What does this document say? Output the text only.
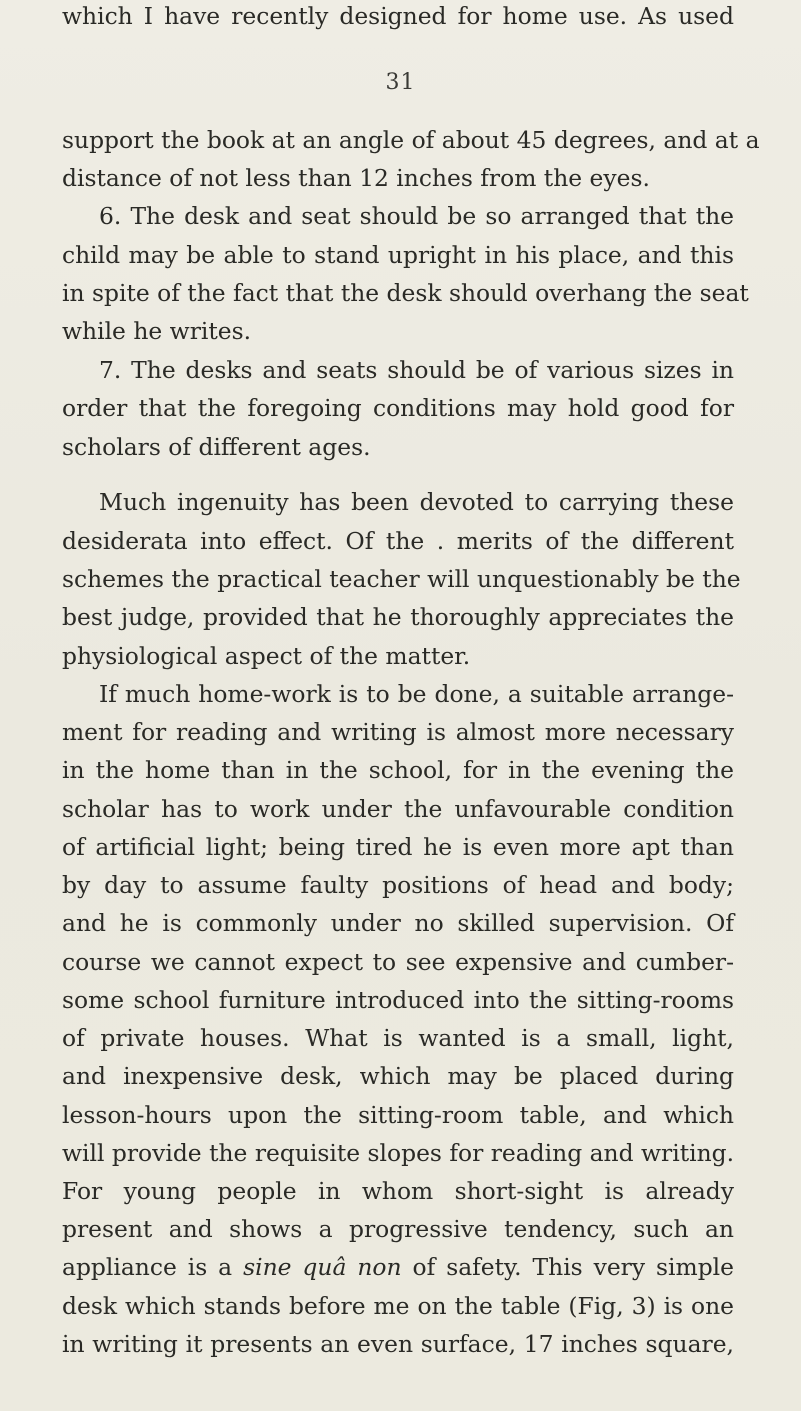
31
support the book at an angle of about 45 degrees, and at a
distance of not less than 12 inches from the eyes.
6. The desk and seat should be so arranged that the
child may be able to stand upright in his place, and this
in spite of the fact that the desk should overhang the seat
while he writes.
7. The desks and seats should be of various sizes in
order that the foregoing conditions may hold good for
scholars of different ages.
Much ingenuity has been devoted to carrying these
desiderata into effect. Of the . merits of the different
schemes the practical teacher will unquestionably be the
best judge, provided that he thoroughly appreciates the
physiological aspect of the matter.
If much home-work is to be done, a suitable arrange-
ment for reading and writing is almost more necessary
in the home than in the school, for in the evening the
scholar has to work under the unfavourable condition
of artificial light; being tired he is even more apt than
by day to assume faulty positions of head and body;
and he is commonly under no skilled supervision. Of
course we cannot expect to see expensive and cumber-
some school furniture introduced into the sitting-rooms
of private houses. What is wanted is a small, light,
and inexpensive desk, which may be placed during
lesson-hours upon the sitting-room table, and which
will provide the requisite slopes for reading and writing.
For young people in whom short-sight is already
present and shows a progressive tendency, such an
appliance is a sine quâ non of safety. This very simple
desk which stands before me on the table (Fig, 3) is one
which I have recently designed for home use. As used
in writing it presents an even surface, 17 inches square,
